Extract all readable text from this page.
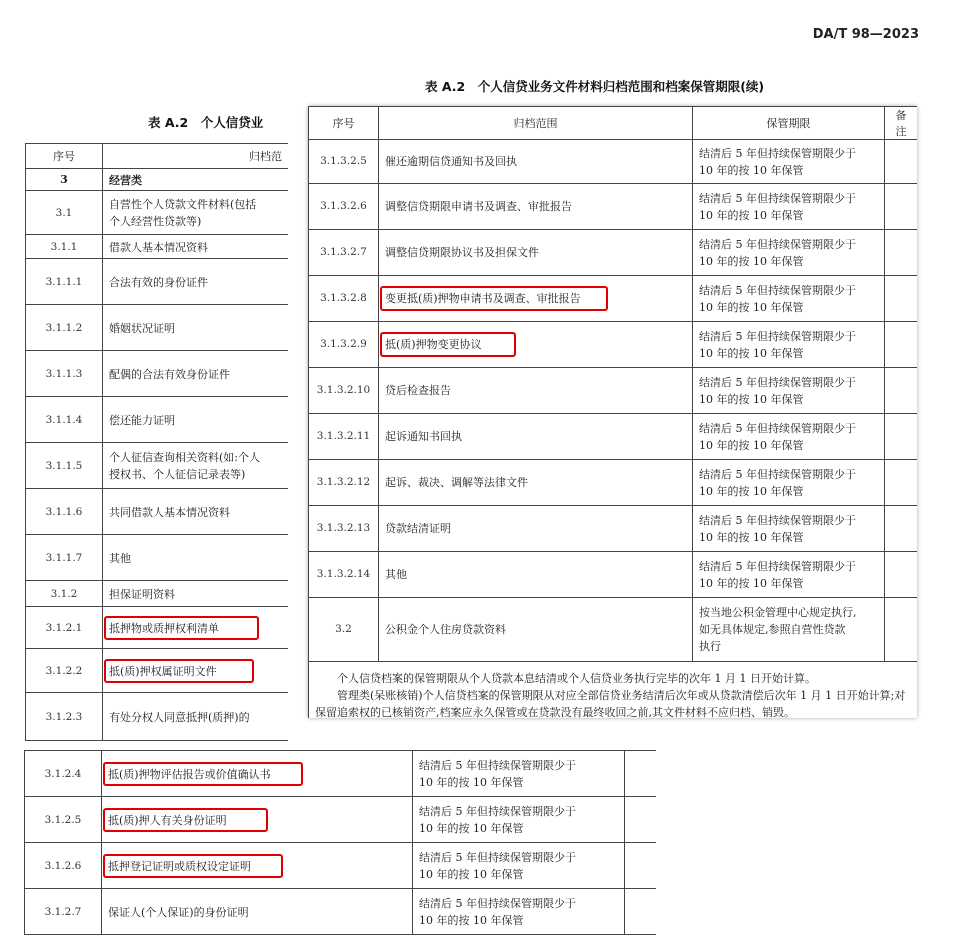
DA/T 98—2023
表 A.2　个人信贷业
序号	归档范
3	经营类
3.1	自营性个人贷款文件材料(包括
个人经营性贷款等)
3.1.1	借款人基本情况资料
3.1.1.1	合法有效的身份证件
3.1.1.2	婚姻状况证明
3.1.1.3	配偶的合法有效身份证件
3.1.1.4	偿还能力证明
3.1.1.5	个人征信查询相关资料(如:个人
授权书、个人征信记录表等)
3.1.1.6	共同借款人基本情况资料
3.1.1.7	其他
3.1.2	担保证明资料
3.1.2.1	抵押物或质押权利清单
3.1.2.2	抵(质)押权属证明文件
3.1.2.3	有处分权人同意抵押(质押)的
3.1.2.4	抵(质)押物评估报告或价值确认书	结清后 5 年但持续保管期限少于
10 年的按 10 年保管	
3.1.2.5	抵(质)押人有关身份证明	结清后 5 年但持续保管期限少于
10 年的按 10 年保管	
3.1.2.6	抵押登记证明或质权设定证明	结清后 5 年但持续保管期限少于
10 年的按 10 年保管	
3.1.2.7	保证人(个人保证)的身份证明	结清后 5 年但持续保管期限少于
10 年的按 10 年保管	
表 A.2　个人信贷业务文件材料归档范围和档案保管期限(续)
序号	归档范围	保管期限	备注
3.1.3.2.5	催还逾期信贷通知书及回执	结清后 5 年但持续保管期限少于
10 年的按 10 年保管	
3.1.3.2.6	调整信贷期限申请书及调查、审批报告	结清后 5 年但持续保管期限少于
10 年的按 10 年保管	
3.1.3.2.7	调整信贷期限协议书及担保文件	结清后 5 年但持续保管期限少于
10 年的按 10 年保管	
3.1.3.2.8	变更抵(质)押物申请书及调查、审批报告	结清后 5 年但持续保管期限少于
10 年的按 10 年保管	
3.1.3.2.9	抵(质)押物变更协议	结清后 5 年但持续保管期限少于
10 年的按 10 年保管	
3.1.3.2.10	贷后检查报告	结清后 5 年但持续保管期限少于
10 年的按 10 年保管	
3.1.3.2.11	起诉通知书回执	结清后 5 年但持续保管期限少于
10 年的按 10 年保管	
3.1.3.2.12	起诉、裁决、调解等法律文件	结清后 5 年但持续保管期限少于
10 年的按 10 年保管	
3.1.3.2.13	贷款结清证明	结清后 5 年但持续保管期限少于
10 年的按 10 年保管	
3.1.3.2.14	其他	结清后 5 年但持续保管期限少于
10 年的按 10 年保管	
3.2	公积金个人住房贷款资料	按当地公积金管理中心规定执行,
如无具体规定,参照自营性贷款
执行	

个人信贷档案的保管期限从个人贷款本息结清或个人信贷业务执行完毕的次年 1 月 1 日开始计算。
管理类(呆账核销)个人信贷档案的保管期限从对应全部信贷业务结清后次年或从贷款清偿后次年 1 月 1 日开始计算;对保留追索权的已核销资产,档案应永久保管或在贷款没有最终收回之前,其文件材料不应归档、销毁。			
